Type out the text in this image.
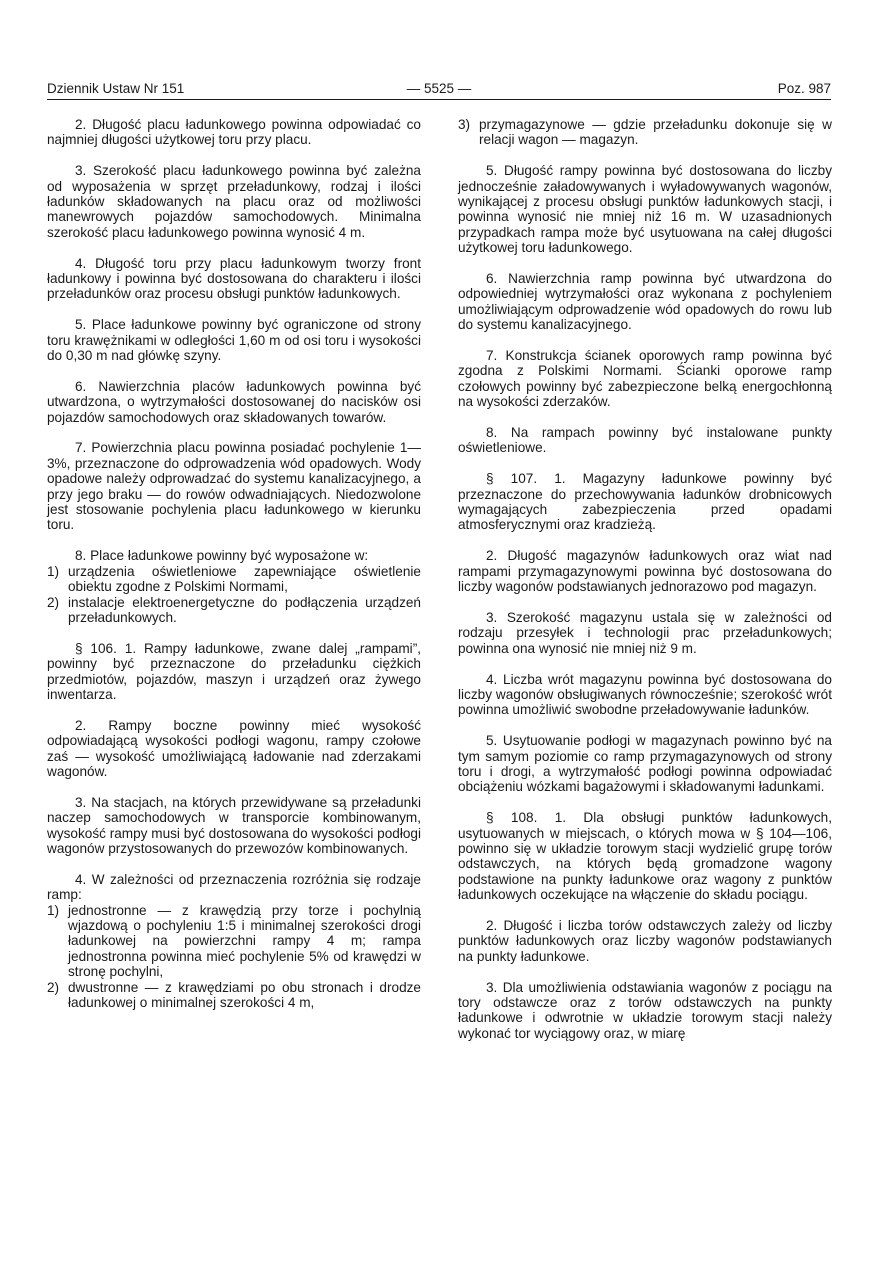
Dziennik Ustaw Nr 151	— 5525 —	Poz. 987

2. Długość placu ładunkowego powinna odpowiadać co najmniej długości użytkowej toru przy placu.

3. Szerokość placu ładunkowego powinna być zależna od wyposażenia w sprzęt przeładunkowy, rodzaj i ilości ładunków składowanych na placu oraz od możliwości manewrowych pojazdów samochodowych. Minimalna szerokość placu ładunkowego powinna wynosić 4 m.

4. Długość toru przy placu ładunkowym tworzy front ładunkowy i powinna być dostosowana do charakteru i ilości przeładunków oraz procesu obsługi punktów ładunkowych.

5. Place ładunkowe powinny być ograniczone od strony toru krawężnikami w odległości 1,60 m od osi toru i wysokości do 0,30 m nad główkę szyny.

6. Nawierzchnia placów ładunkowych powinna być utwardzona, o wytrzymałości dostosowanej do nacisków osi pojazdów samochodowych oraz składowanych towarów.

7. Powierzchnia placu powinna posiadać pochylenie 1—3%, przeznaczone do odprowadzenia wód opadowych. Wody opadowe należy odprowadzać do systemu kanalizacyjnego, a przy jego braku — do rowów odwadniających. Niedozwolone jest stosowanie pochylenia placu ładunkowego w kierunku toru.

8. Place ładunkowe powinny być wyposażone w:

1) urządzenia oświetleniowe zapewniające oświetlenie obiektu zgodne z Polskimi Normami,
2) instalacje elektroenergetyczne do podłączenia urządzeń przeładunkowych.

§ 106. 1. Rampy ładunkowe, zwane dalej „rampami”, powinny być przeznaczone do przeładunku ciężkich przedmiotów, pojazdów, maszyn i urządzeń oraz żywego inwentarza.

2. Rampy boczne powinny mieć wysokość odpowiadającą wysokości podłogi wagonu, rampy czołowe zaś — wysokość umożliwiającą ładowanie nad zderzakami wagonów.

3. Na stacjach, na których przewidywane są przeładunki naczep samochodowych w transporcie kombinowanym, wysokość rampy musi być dostosowana do wysokości podłogi wagonów przystosowanych do przewozów kombinowanych.

4. W zależności od przeznaczenia rozróżnia się rodzaje ramp:

1) jednostronne — z krawędzią przy torze i pochylnią wjazdową o pochyleniu 1:5 i minimalnej szerokości drogi ładunkowej na powierzchni rampy 4 m; rampa jednostronna powinna mieć pochylenie 5% od krawędzi w stronę pochylni,
2) dwustronne — z krawędziami po obu stronach i drodze ładunkowej o minimalnej szerokości 4 m,
3) przymagazynowe — gdzie przeładunku dokonuje się w relacji wagon — magazyn.

5. Długość rampy powinna być dostosowana do liczby jednocześnie załadowywanych i wyładowywanych wagonów, wynikającej z procesu obsługi punktów ładunkowych stacji, i powinna wynosić nie mniej niż 16 m. W uzasadnionych przypadkach rampa może być usytuowana na całej długości użytkowej toru ładunkowego.

6. Nawierzchnia ramp powinna być utwardzona do odpowiedniej wytrzymałości oraz wykonana z pochyleniem umożliwiającym odprowadzenie wód opadowych do rowu lub do systemu kanalizacyjnego.

7. Konstrukcja ścianek oporowych ramp powinna być zgodna z Polskimi Normami. Ścianki oporowe ramp czołowych powinny być zabezpieczone belką energochłonną na wysokości zderzaków.

8. Na rampach powinny być instalowane punkty oświetleniowe.

§ 107. 1. Magazyny ładunkowe powinny być przeznaczone do przechowywania ładunków drobnicowych wymagających zabezpieczenia przed opadami atmosferycznymi oraz kradzieżą.

2. Długość magazynów ładunkowych oraz wiat nad rampami przymagazynowymi powinna być dostosowana do liczby wagonów podstawianych jednorazowo pod magazyn.

3. Szerokość magazynu ustala się w zależności od rodzaju przesyłek i technologii prac przeładunkowych; powinna ona wynosić nie mniej niż 9 m.

4. Liczba wrót magazynu powinna być dostosowana do liczby wagonów obsługiwanych równocześnie; szerokość wrót powinna umożliwić swobodne przeładowywanie ładunków.

5. Usytuowanie podłogi w magazynach powinno być na tym samym poziomie co ramp przymagazynowych od strony toru i drogi, a wytrzymałość podłogi powinna odpowiadać obciążeniu wózkami bagażowymi i składowanymi ładunkami.

§ 108. 1. Dla obsługi punktów ładunkowych, usytuowanych w miejscach, o których mowa w § 104—106, powinno się w układzie torowym stacji wydzielić grupę torów odstawczych, na których będą gromadzone wagony podstawione na punkty ładunkowe oraz wagony z punktów ładunkowych oczekujące na włączenie do składu pociągu.

2. Długość i liczba torów odstawczych zależy od liczby punktów ładunkowych oraz liczby wagonów podstawianych na punkty ładunkowe.

3. Dla umożliwienia odstawiania wagonów z pociągu na tory odstawcze oraz z torów odstawczych na punkty ładunkowe i odwrotnie w układzie torowym stacji należy wykonać tor wyciągowy oraz, w miarę
